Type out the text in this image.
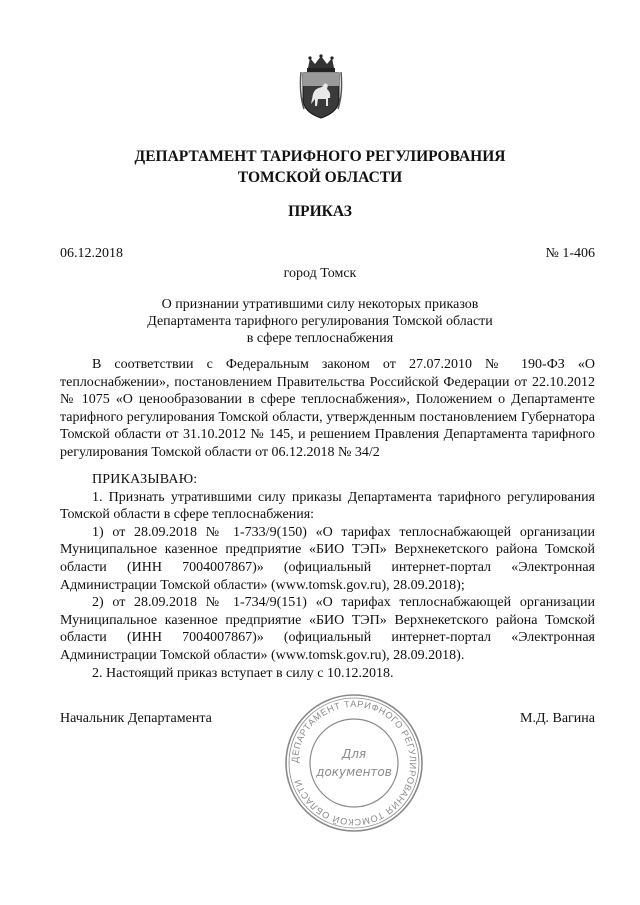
ДЕПАРТАМЕНТ ТАРИФНОГО РЕГУЛИРОВАНИЯ
ТОМСКОЙ ОБЛАСТИ
ПРИКАЗ
06.12.2018	№ 1-406
город Томск
О признании утратившими силу некоторых приказов
Департамента тарифного регулирования Томской области
в сфере теплоснабжения

В соответствии с Федеральным законом от 27.07.2010 № 190-ФЗ «О теплоснабжении», постановлением Правительства Российской Федерации от 22.10.2012 № 1075 «О ценообразовании в сфере теплоснабжения», Положением о Департаменте тарифного регулирования Томской области, утвержденным постановлением Губернатора Томской области от 31.10.2012 № 145, и решением Правления Департамента тарифного регулирования Томской области от 06.12.2018 № 34/2

ПРИКАЗЫВАЮ:

1. Признать утратившими силу приказы Департамента тарифного регулирования Томской области в сфере теплоснабжения:

1) от 28.09.2018 № 1-733/9(150) «О тарифах теплоснабжающей организации Муниципальное казенное предприятие «БИО ТЭП» Верхнекетского района Томской области (ИНН 7004007867)» (официальный интернет-портал «Электронная Администрации Томской области» (www.tomsk.gov.ru), 28.09.2018);

2) от 28.09.2018 № 1-734/9(151) «О тарифах теплоснабжающей организации Муниципальное казенное предприятие «БИО ТЭП» Верхнекетского района Томской области (ИНН 7004007867)» (официальный интернет-портал «Электронная Администрации Томской области» (www.tomsk.gov.ru), 28.09.2018).

2. Настоящий приказ вступает в силу с 10.12.2018.

Начальник Департамента	М.Д. Вагина
ДЕПАРТАМЕНТ ТАРИФНОГО РЕГУЛИРОВАНИЯ ТОМСКОЙ ОБЛАСТИ
Для
документов
